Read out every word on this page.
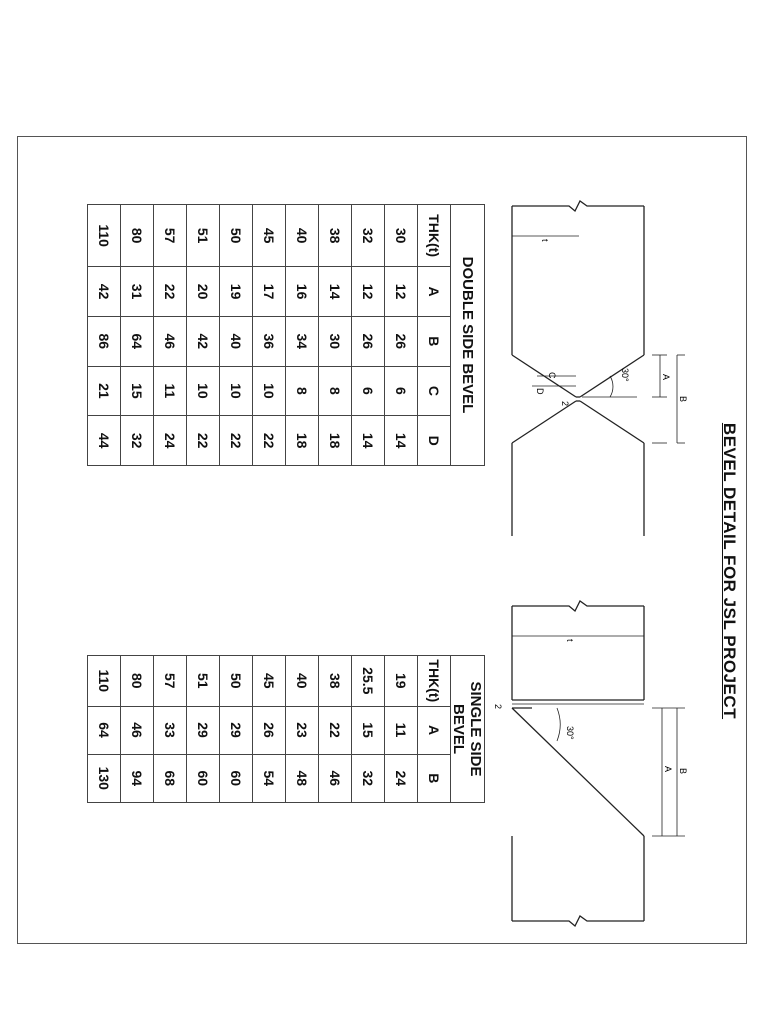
BEVEL DETAIL FOR JSL PROJECT
30°	A
B
C
D
2
t
30°
A B
2
t
DOUBLE SIDE BEVEL
THK(t)	A	B	C	D
30	12	26	6	14
32	12	26	6	14
38	14	30	8	18
40	16	34	8	18
45	17	36	10	22
50	19	40	10	22
51	20	42	10	22
57	22	46	11	24
80	31	64	15	32
110	42	86	21	44
SINGLE SIDE
BEVEL
THK(t)	A	B
19	11	24
25.5	15	32
38	22	46
40	23	48
45	26	54
50	29	60
51	29	60
57	33	68
80	46	94
110	64	130
